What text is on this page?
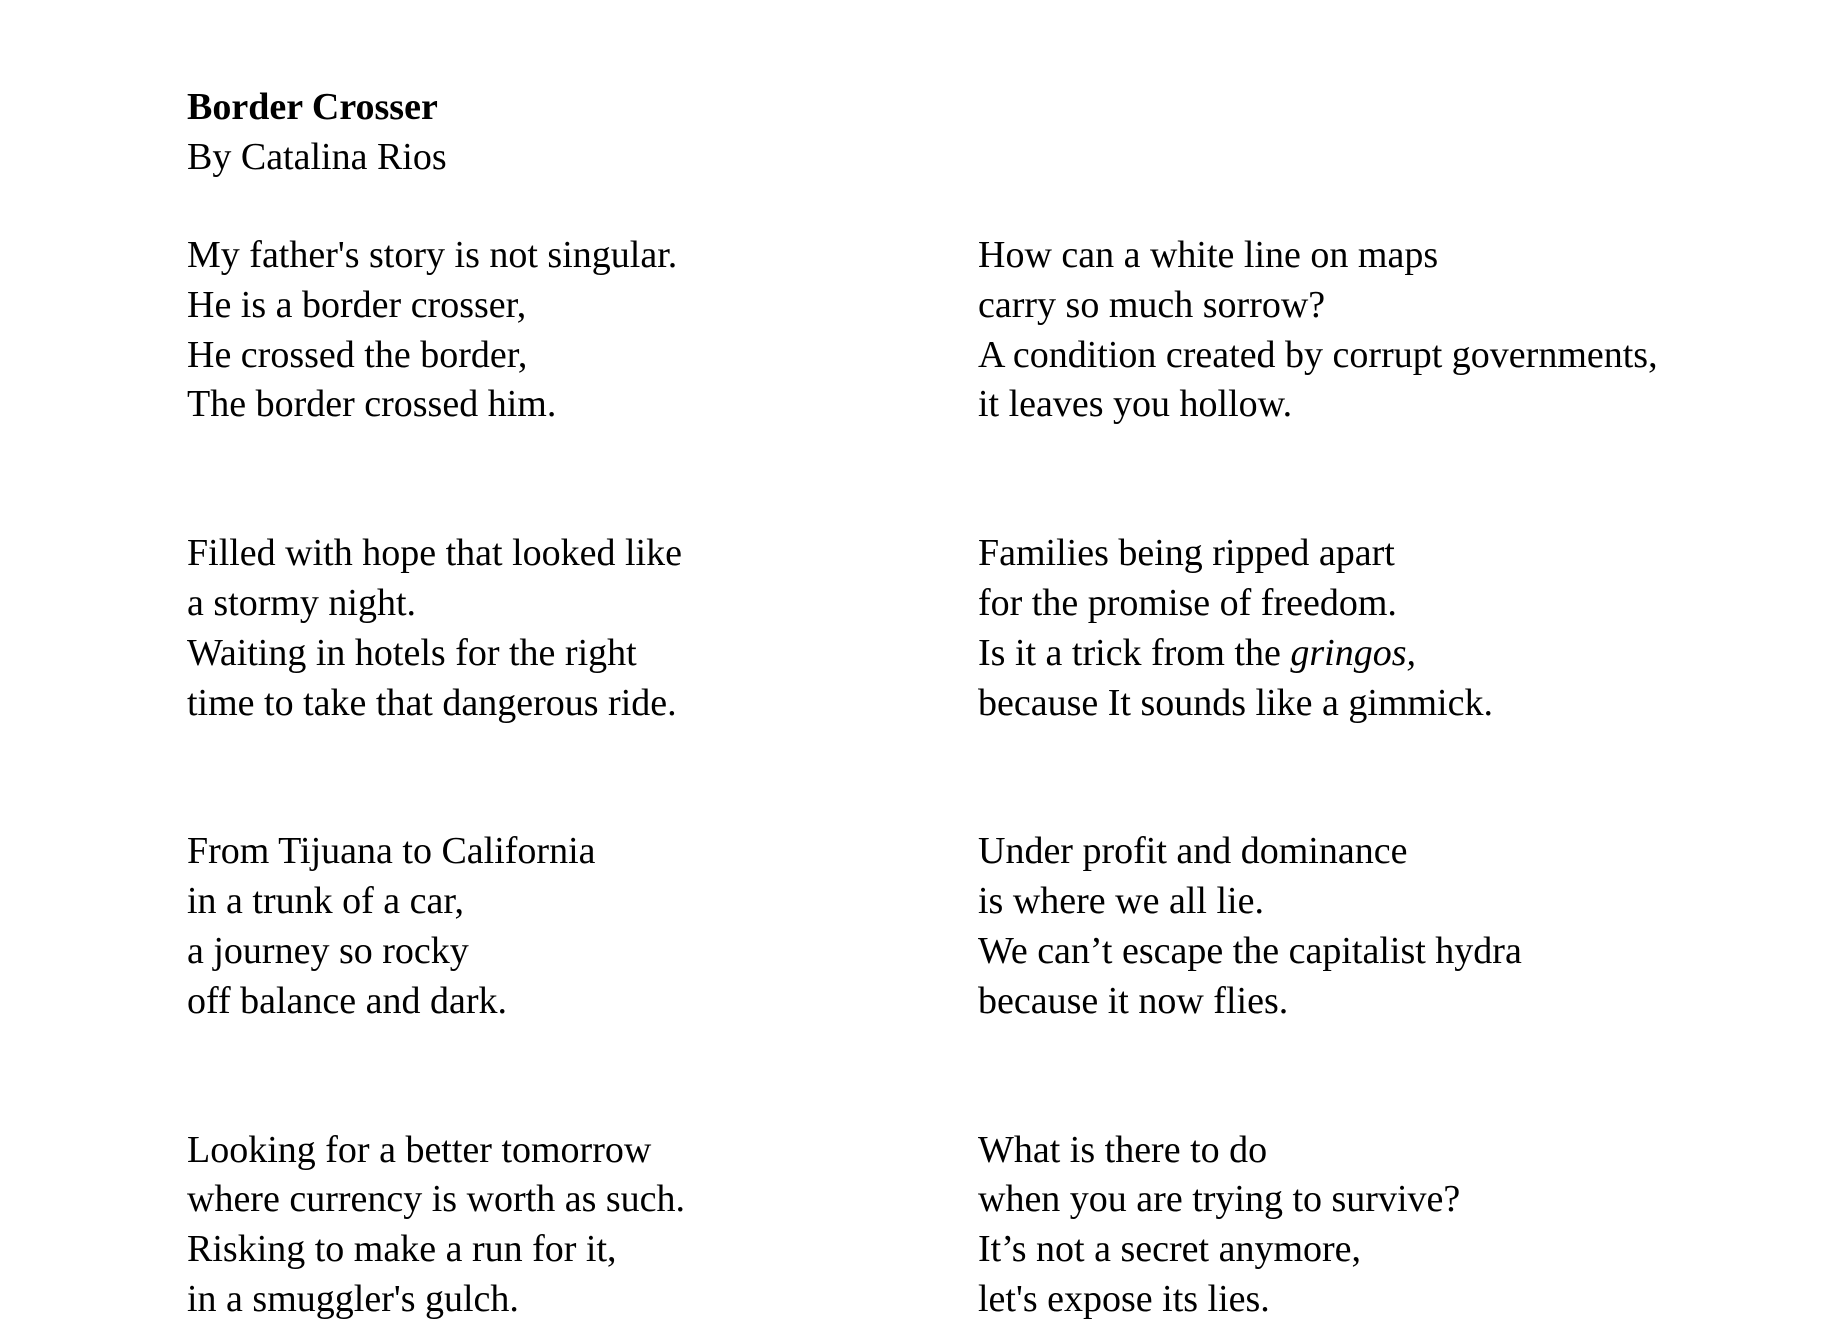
Border Crosser
By Catalina Rios
My father's story is not singular.
He is a border crosser,
He crossed the border,
The border crossed him.
Filled with hope that looked like
a stormy night.
Waiting in hotels for the right
time to take that dangerous ride.
From Tijuana to California
in a trunk of a car,
a journey so rocky
off balance and dark.
Looking for a better tomorrow
where currency is worth as such.
Risking to make a run for it,
in a smuggler's gulch.
How can a white line on maps
carry so much sorrow?
A condition created by corrupt governments,
it leaves you hollow.
Families being ripped apart
for the promise of freedom.
Is it a trick from the gringos,
because It sounds like a gimmick.
Under profit and dominance
is where we all lie.
We can’t escape the capitalist hydra
because it now flies.
What is there to do
when you are trying to survive?
It’s not a secret anymore,
let's expose its lies.
